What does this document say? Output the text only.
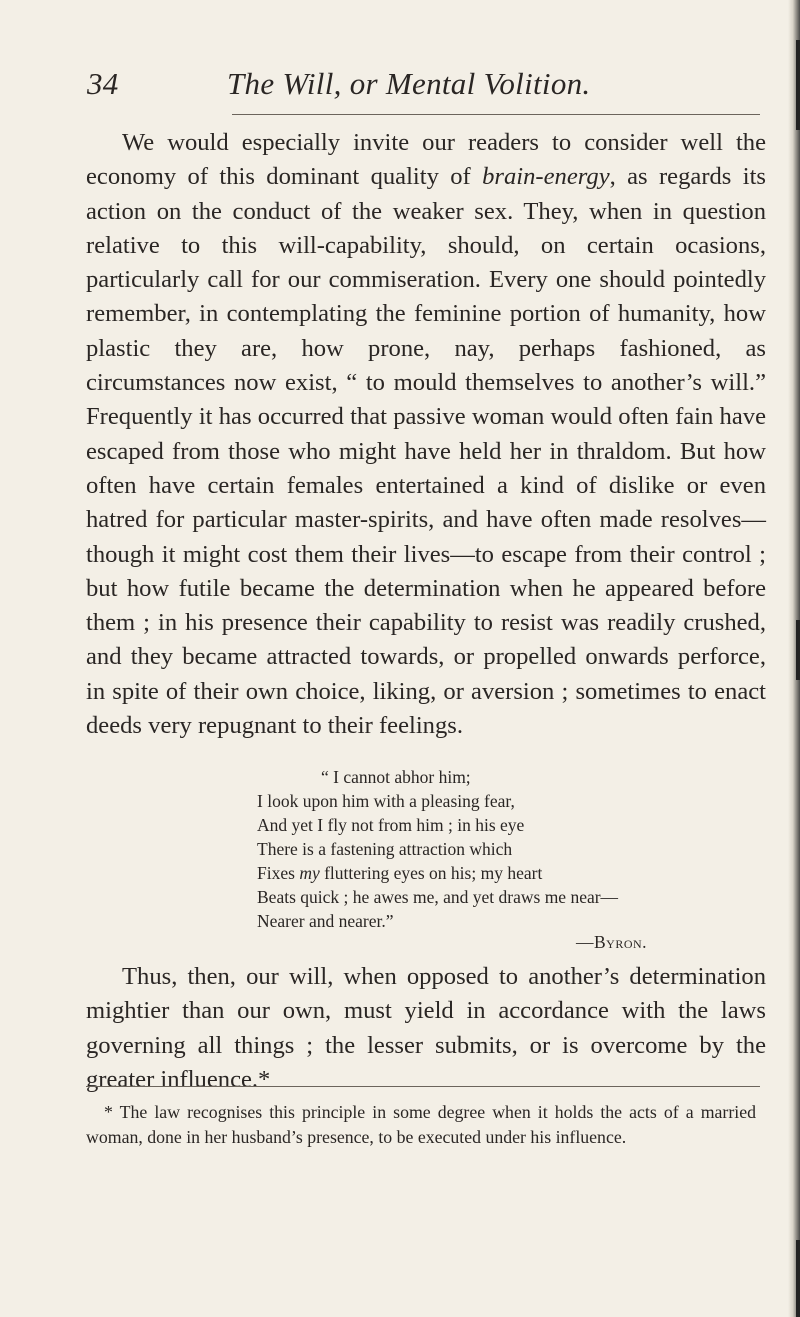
34	The Will, or Mental Volition.

We would especially invite our readers to consider well the economy of this dominant quality of brain-energy, as regards its action on the conduct of the weaker sex. They, when in question relative to this will-capability, should, on certain ocasions, particularly call for our commiseration. Every one should pointedly remember, in contemplating the feminine portion of humanity, how plastic they are, how prone, nay, perhaps fashioned, as circumstances now exist, “ to mould themselves to another’s will.” Frequently it has occurred that passive woman would often fain have escaped from those who might have held her in thraldom. But how often have certain females entertained a kind of dislike or even hatred for particular master-spirits, and have often made resolves—though it might cost them their lives—to escape from their control ; but how futile became the determination when he appeared before them ; in his presence their capability to resist was readily crushed, and they became attracted towards, or propelled onwards perforce, in spite of their own choice, liking, or aversion ; sometimes to enact deeds very repugnant to their feelings.

“ I cannot abhor him;
I look upon him with a pleasing fear,
And yet I fly not from him ; in his eye
There is a fastening attraction which
Fixes my fluttering eyes on his; my heart
Beats quick ; he awes me, and yet draws me near—
Nearer and nearer.”
—Byron.

Thus, then, our will, when opposed to another’s determination mightier than our own, must yield in accordance with the laws governing all things ; the lesser submits, or is overcome by the greater influence.*

* The law recognises this principle in some degree when it holds the acts of a married woman, done in her husband’s presence, to be executed under his influence.
